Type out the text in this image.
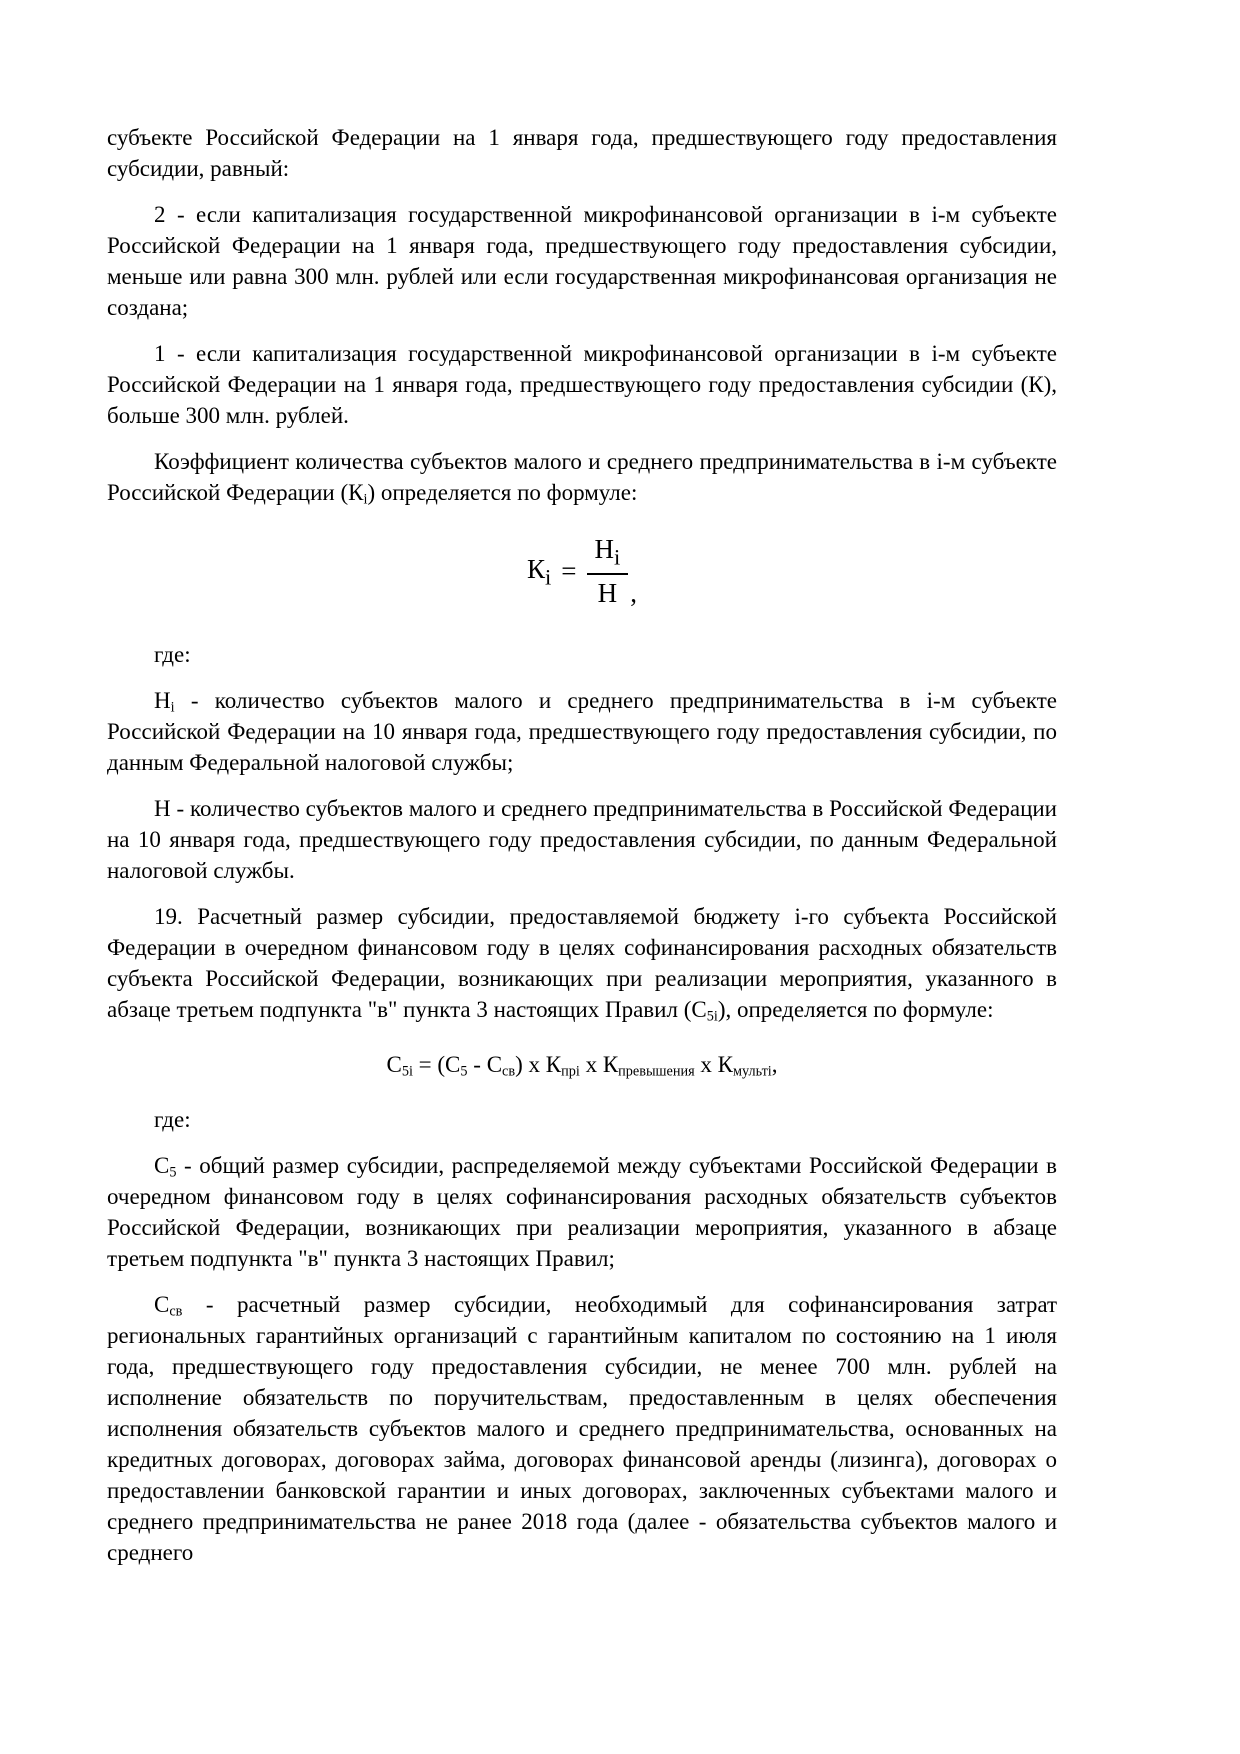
субъекте Российской Федерации на 1 января года, предшествующего году предоставления субсидии, равный:

2 - если капитализация государственной микрофинансовой организации в i-м субъекте Российской Федерации на 1 января года, предшествующего году предоставления субсидии, меньше или равна 300 млн. рублей или если государственная микрофинансовая организация не создана;

1 - если капитализация государственной микрофинансовой организации в i-м субъекте Российской Федерации на 1 января года, предшествующего году предоставления субсидии (К), больше 300 млн. рублей.

Коэффициент количества субъектов малого и среднего предпринимательства в i-м субъекте Российской Федерации $(К_i)$ определяется по формуле:

$К_i = \frac{Н_i}{Н}$ ,

где:

$Н_i$ - количество субъектов малого и среднего предпринимательства в i-м субъекте Российской Федерации на 10 января года, предшествующего году предоставления субсидии, по данным Федеральной налоговой службы;

Н - количество субъектов малого и среднего предпринимательства в Российской Федерации на 10 января года, предшествующего году предоставления субсидии, по данным Федеральной налоговой службы.

19. Расчетный размер субсидии, предоставляемой бюджету i-го субъекта Российской Федерации в очередном финансовом году в целях софинансирования расходных обязательств субъекта Российской Федерации, возникающих при реализации мероприятия, указанного в абзаце третьем подпункта "в" пункта 3 настоящих Правил $(С_{5i})$, определяется по формуле:

$С_{5i} = (С_5 - С_{св})$ х $К_{прi}$ х $К_{превышения}$ х $К_{мультi}$,

где:

$С_5$ - общий размер субсидии, распределяемой между субъектами Российской Федерации в очередном финансовом году в целях софинансирования расходных обязательств субъектов Российской Федерации, возникающих при реализации мероприятия, указанного в абзаце третьем подпункта "в" пункта 3 настоящих Правил;

$С_{св}$ - расчетный размер субсидии, необходимый для софинансирования затрат региональных гарантийных организаций с гарантийным капиталом по состоянию на 1 июля года, предшествующего году предоставления субсидии, не менее 700 млн. рублей на исполнение обязательств по поручительствам, предоставленным в целях обеспечения исполнения обязательств субъектов малого и среднего предпринимательства, основанных на кредитных договорах, договорах займа, договорах финансовой аренды (лизинга), договорах о предоставлении банковской гарантии и иных договорах, заключенных субъектами малого и среднего предпринимательства не ранее 2018 года (далее - обязательства субъектов малого и среднего
